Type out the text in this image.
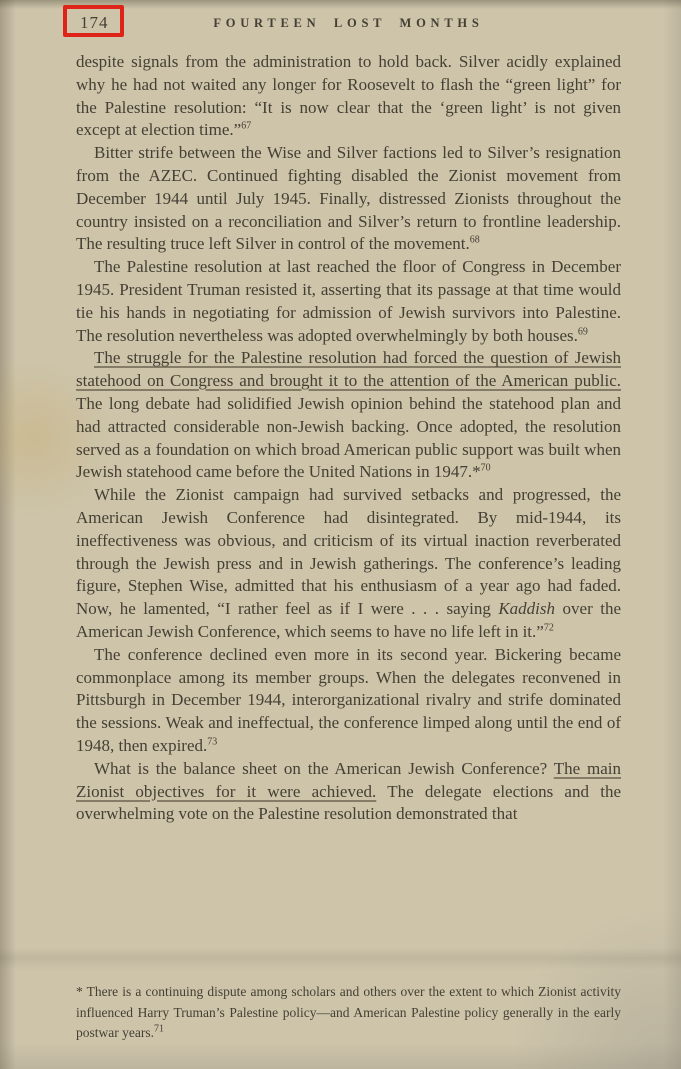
174	FOURTEEN LOST MONTHS

despite signals from the administration to hold back. Silver acidly explained why he had not waited any longer for Roosevelt to flash the “green light” for the Palestine resolution: “It is now clear that the ‘green light’ is not given except at election time.”$^{67}$

Bitter strife between the Wise and Silver factions led to Silver’s resignation from the AZEC. Continued fighting disabled the Zionist movement from December 1944 until July 1945. Finally, distressed Zionists throughout the country insisted on a reconciliation and Silver’s return to frontline leadership. The resulting truce left Silver in control of the movement.$^{68}$

The Palestine resolution at last reached the floor of Congress in December 1945. President Truman resisted it, asserting that its passage at that time would tie his hands in negotiating for admission of Jewish survivors into Palestine. The resolution nevertheless was adopted overwhelmingly by both houses.$^{69}$

The struggle for the Palestine resolution had forced the question of Jewish statehood on Congress and brought it to the attention of the American public. The long debate had solidified Jewish opinion behind the statehood plan and had attracted considerable non-Jewish backing. Once adopted, the resolution served as a foundation on which broad American public support was built when Jewish statehood came before the United Nations in 1947.*$^{70}$

While the Zionist campaign had survived setbacks and progressed, the American Jewish Conference had disintegrated. By mid-1944, its ineffectiveness was obvious, and criticism of its virtual inaction reverberated through the Jewish press and in Jewish gatherings. The conference’s leading figure, Stephen Wise, admitted that his enthusiasm of a year ago had faded. Now, he lamented, “I rather feel as if I were . . . saying Kaddish over the American Jewish Conference, which seems to have no life left in it.”$^{72}$

The conference declined even more in its second year. Bickering became commonplace among its member groups. When the delegates reconvened in Pittsburgh in December 1944, interorganizational rivalry and strife dominated the sessions. Weak and ineffectual, the conference limped along until the end of 1948, then expired.$^{73}$

What is the balance sheet on the American Jewish Conference? The main Zionist objectives for it were achieved. The delegate elections and the overwhelming vote on the Palestine resolution demonstrated that

* There is a continuing dispute among scholars and others over the extent to which Zionist activity influenced Harry Truman’s Palestine policy—and American Palestine policy generally in the early postwar years.$^{71}$
